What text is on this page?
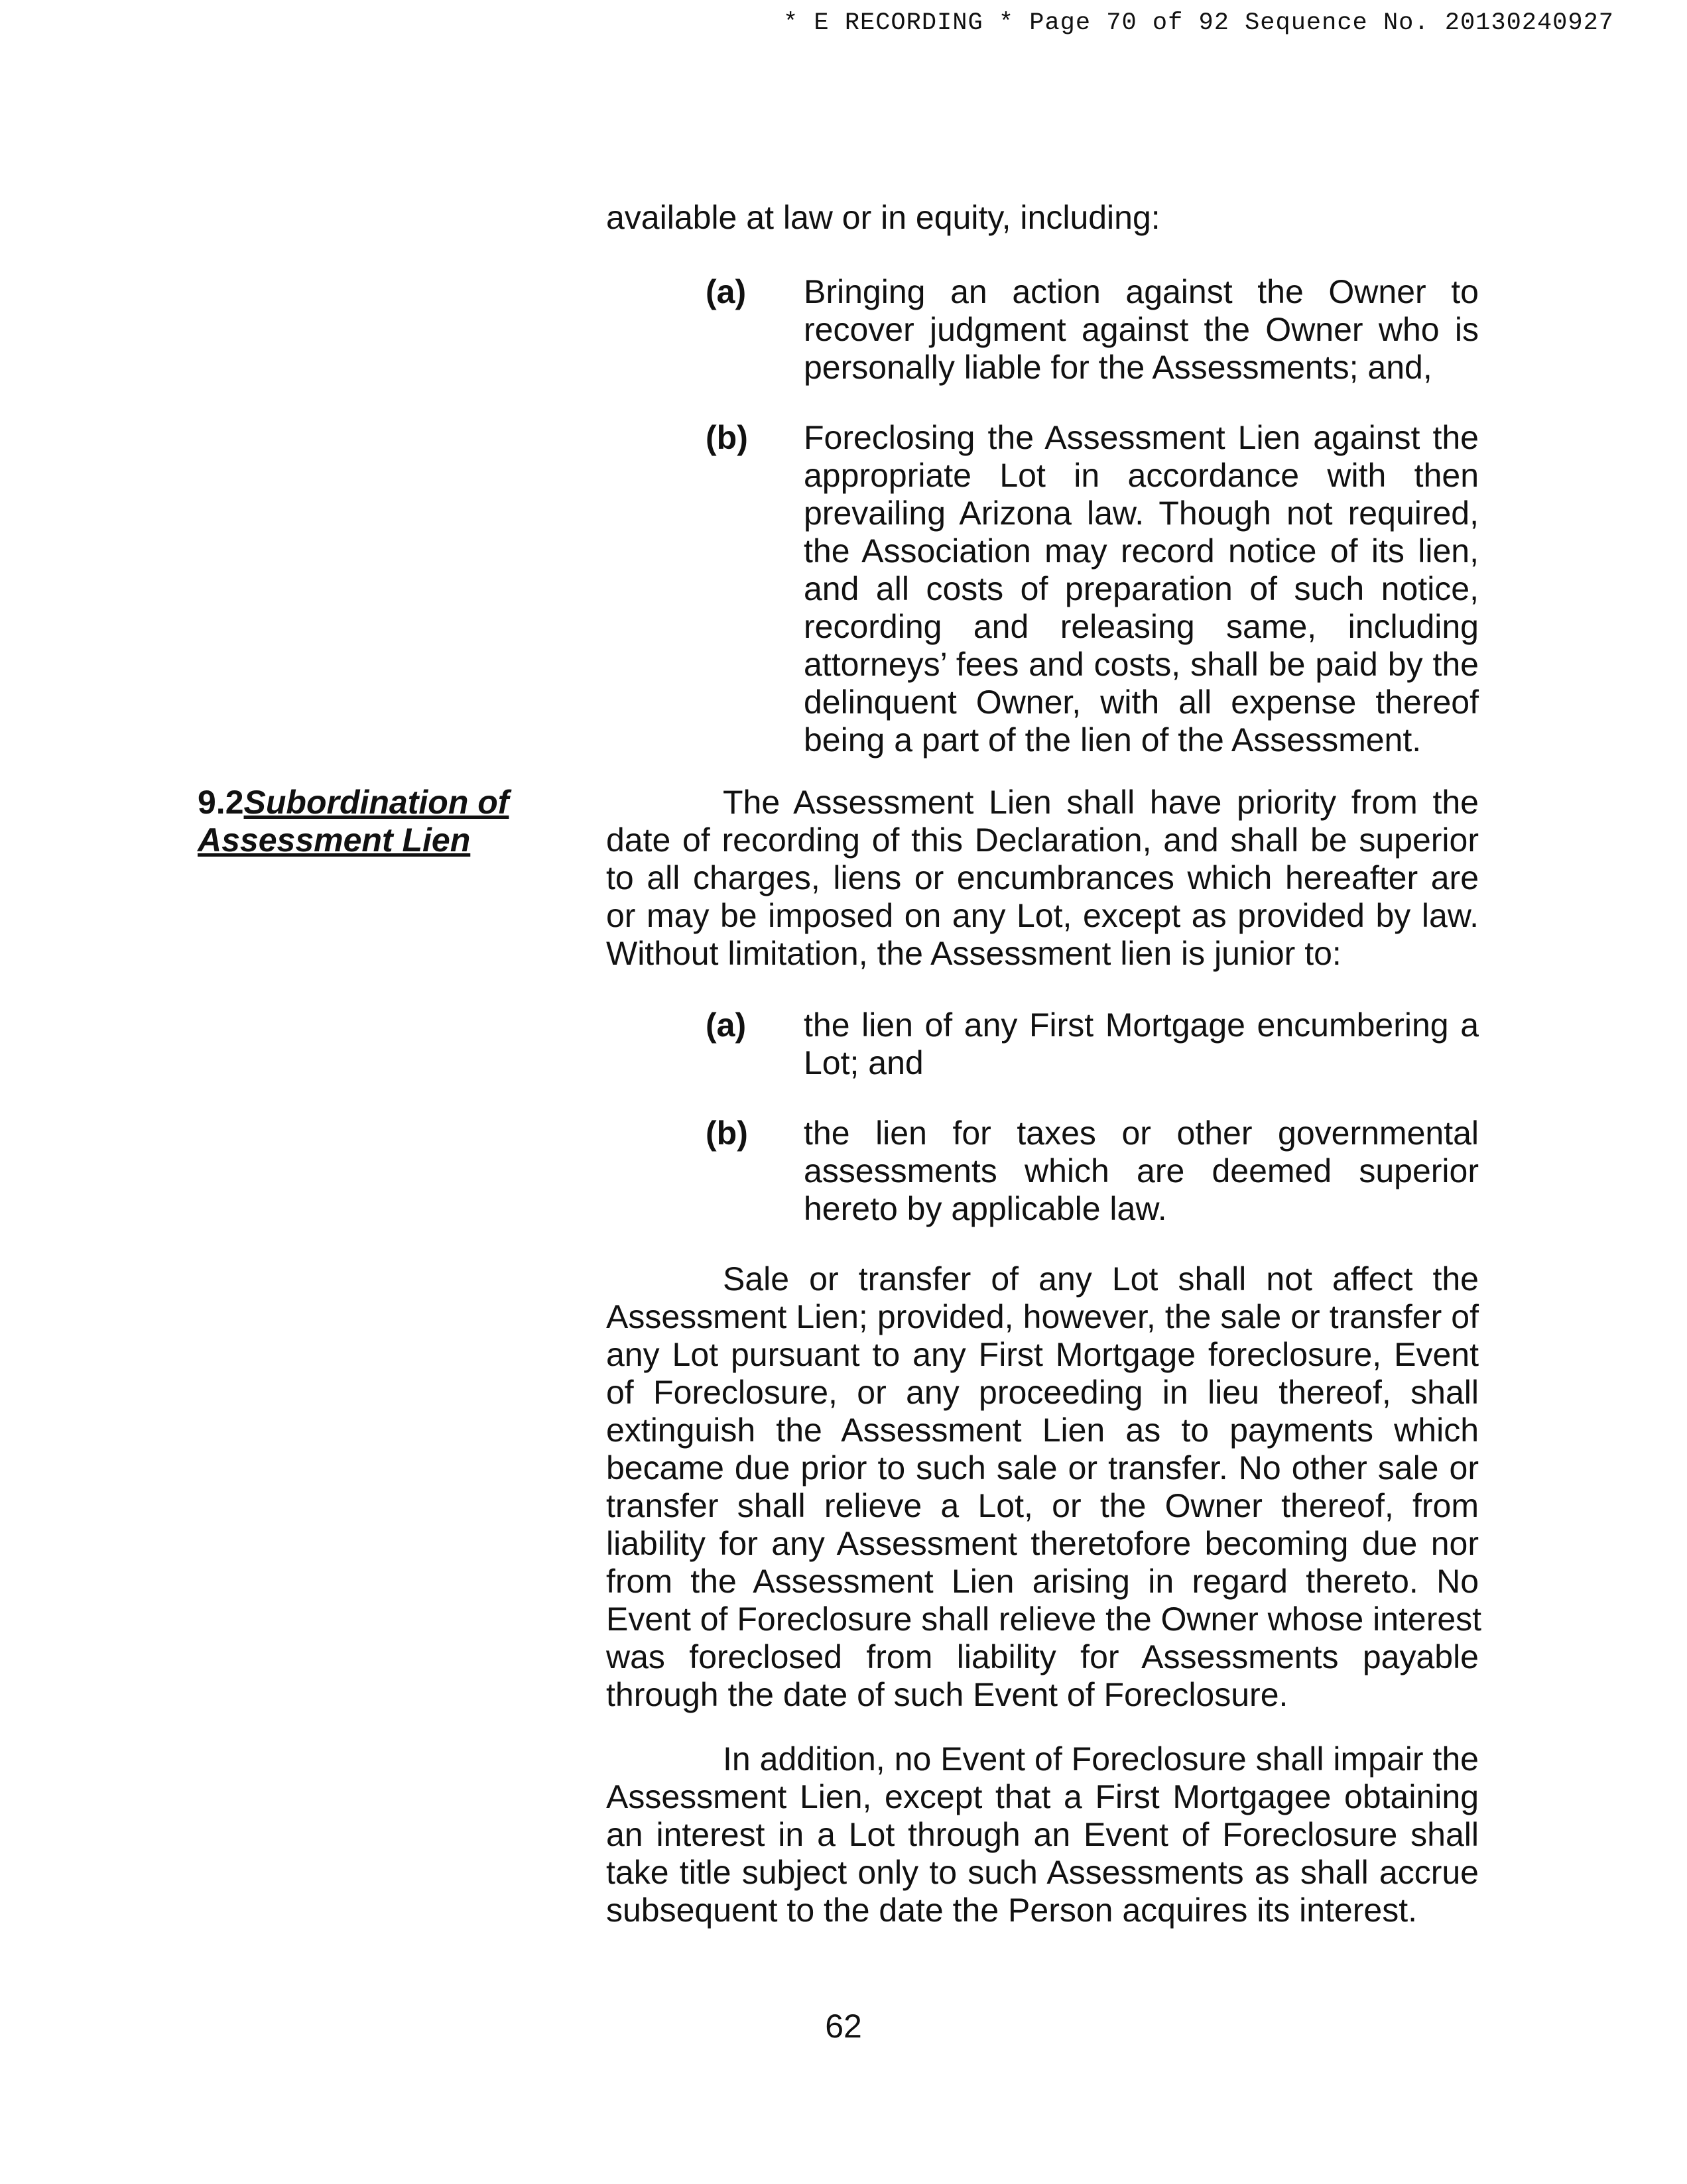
* E RECORDING * Page 70 of 92 Sequence No. 20130240927
available at law or in equity, including:
(a) Bringing an action against the Owner to
recover judgment against the Owner who is
personally liable for the Assessments; and,
(b) Foreclosing the Assessment Lien against the
appropriate Lot in accordance with then
prevailing Arizona law. Though not required,
the Association may record notice of its lien,
and all costs of preparation of such notice,
recording and releasing same, including
attorneys’ fees and costs, shall be paid by the
delinquent Owner, with all expense thereof
being a part of the lien of the Assessment.
9.2Subordination of
Assessment Lien
The Assessment Lien shall have priority from the
date of recording of this Declaration, and shall be superior
to all charges, liens or encumbrances which hereafter are
or may be imposed on any Lot, except as provided by law.
Without limitation, the Assessment lien is junior to:
(a) the lien of any First Mortgage encumbering a
Lot; and
(b) the lien for taxes or other governmental
assessments which are deemed superior
hereto by applicable law.
Sale or transfer of any Lot shall not affect the
Assessment Lien; provided, however, the sale or transfer of
any Lot pursuant to any First Mortgage foreclosure, Event
of Foreclosure, or any proceeding in lieu thereof, shall
extinguish the Assessment Lien as to payments which
became due prior to such sale or transfer. No other sale or
transfer shall relieve a Lot, or the Owner thereof, from
liability for any Assessment theretofore becoming due nor
from the Assessment Lien arising in regard thereto. No
Event of Foreclosure shall relieve the Owner whose interest
was foreclosed from liability for Assessments payable
through the date of such Event of Foreclosure.
In addition, no Event of Foreclosure shall impair the
Assessment Lien, except that a First Mortgagee obtaining
an interest in a Lot through an Event of Foreclosure shall
take title subject only to such Assessments as shall accrue
subsequent to the date the Person acquires its interest.
62
